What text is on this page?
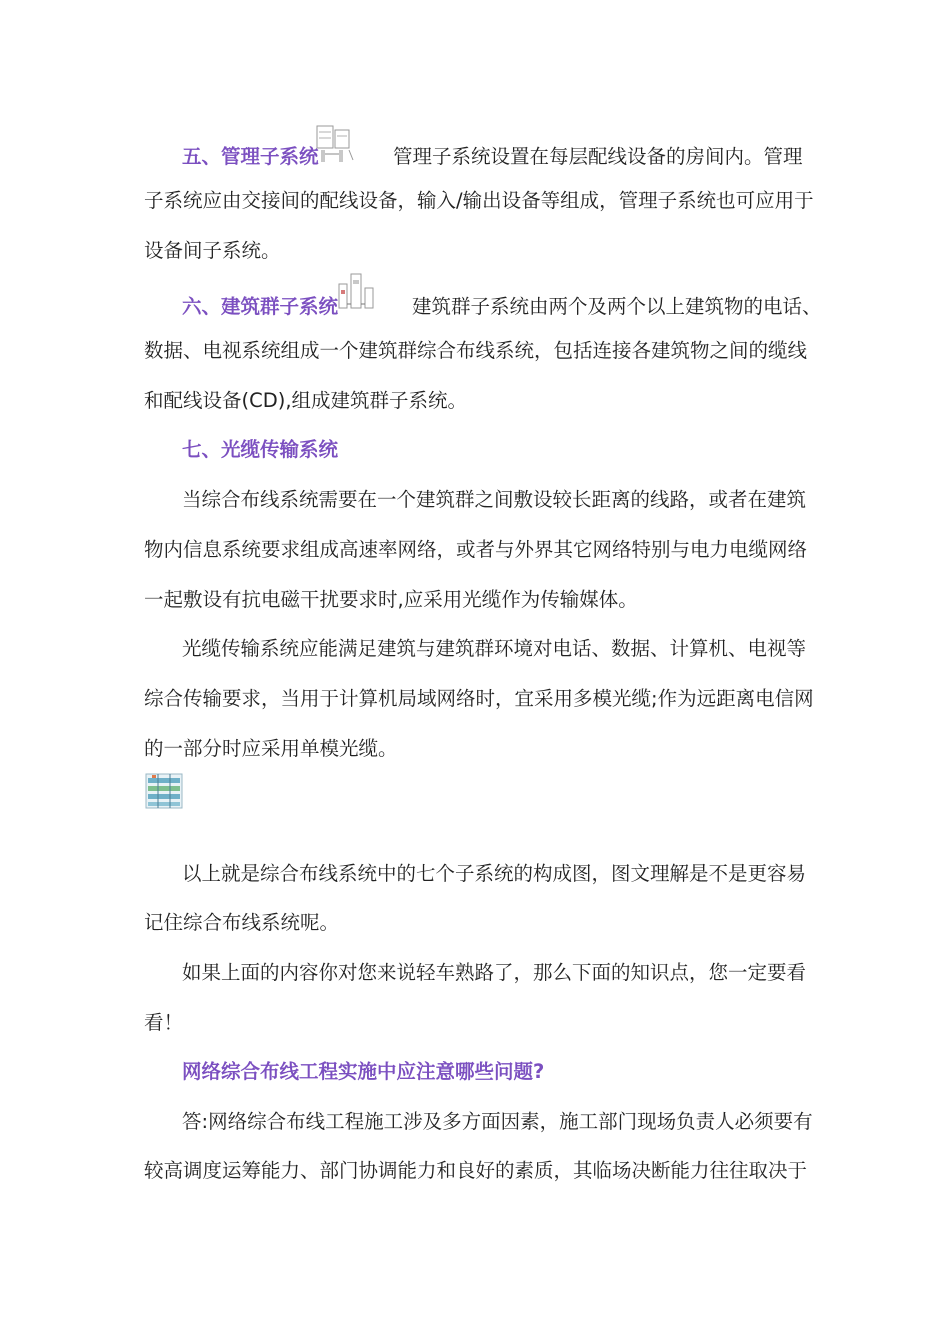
五、管理子系统	管理子系统设置在每层配线设备的房间内。管理
子系统应由交接间的配线设备，输入/输出设备等组成，管理子系统也可应用于
设备间子系统。
六、建筑群子系统	建筑群子系统由两个及两个以上建筑物的电话、
数据、电视系统组成一个建筑群综合布线系统，包括连接各建筑物之间的缆线
和配线设备(CD),组成建筑群子系统。
七、光缆传输系统
当综合布线系统需要在一个建筑群之间敷设较长距离的线路，或者在建筑
物内信息系统要求组成高速率网络，或者与外界其它网络特别与电力电缆网络
一起敷设有抗电磁干扰要求时,应采用光缆作为传输媒体。
光缆传输系统应能满足建筑与建筑群环境对电话、数据、计算机、电视等
综合传输要求，当用于计算机局域网络时，宜采用多模光缆;作为远距离电信网
的一部分时应采用单模光缆。
以上就是综合布线系统中的七个子系统的构成图，图文理解是不是更容易
记住综合布线系统呢。
如果上面的内容你对您来说轻车熟路了，那么下面的知识点，您一定要看
看！
网络综合布线工程实施中应注意哪些问题?
答:网络综合布线工程施工涉及多方面因素，施工部门现场负责人必须要有
较高调度运筹能力、部门协调能力和良好的素质，其临场决断能力往往取决于
